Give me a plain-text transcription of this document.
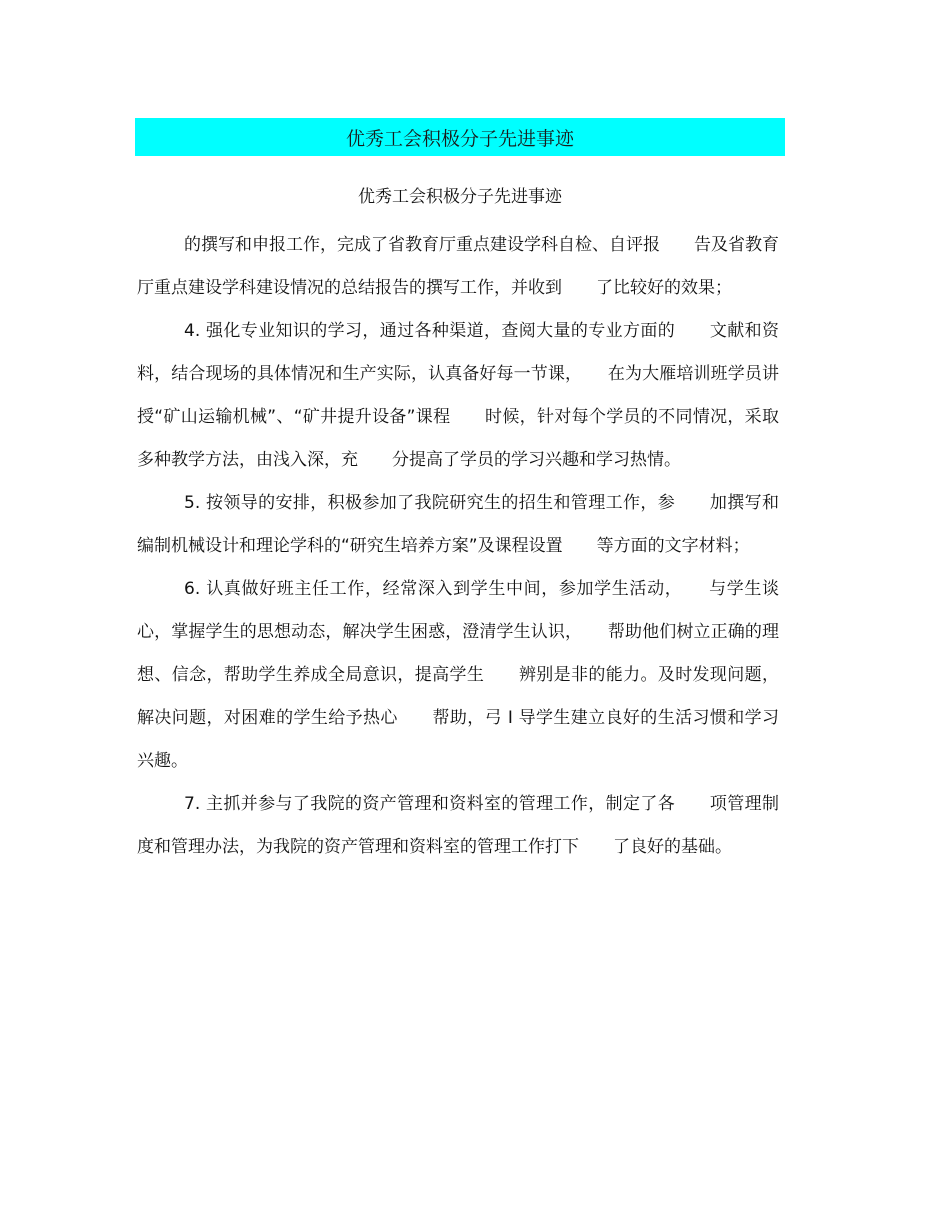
优秀工会积极分子先进事迹
优秀工会积极分子先进事迹

的撰写和申报工作，完成了省教育厅重点建设学科自检、自评报　　告及省教育厅重点建设学科建设情况的总结报告的撰写工作，并收到　　了比较好的效果；

4. 强化专业知识的学习，通过各种渠道，查阅大量的专业方面的　　文献和资料，结合现场的具体情况和生产实际，认真备好每一节课，　　在为大雁培训班学员讲授“矿山运输机械”、“矿井提升设备”课程　　时候，针对每个学员的不同情况，采取多种教学方法，由浅入深，充　　分提高了学员的学习兴趣和学习热情。

5. 按领导的安排，积极参加了我院研究生的招生和管理工作，参　　加撰写和编制机械设计和理论学科的“研究生培养方案”及课程设置　　等方面的文字材料；

6. 认真做好班主任工作，经常深入到学生中间，参加学生活动，　　与学生谈心，掌握学生的思想动态，解决学生困惑，澄清学生认识，　　帮助他们树立正确的理想、信念，帮助学生养成全局意识，提高学生　　辨别是非的能力。及时发现问题，解决问题，对困难的学生给予热心　　帮助，弓 I 导学生建立良好的生活习惯和学习兴趣。

7. 主抓并参与了我院的资产管理和资料室的管理工作，制定了各　　项管理制度和管理办法，为我院的资产管理和资料室的管理工作打下　　了良好的基础。
